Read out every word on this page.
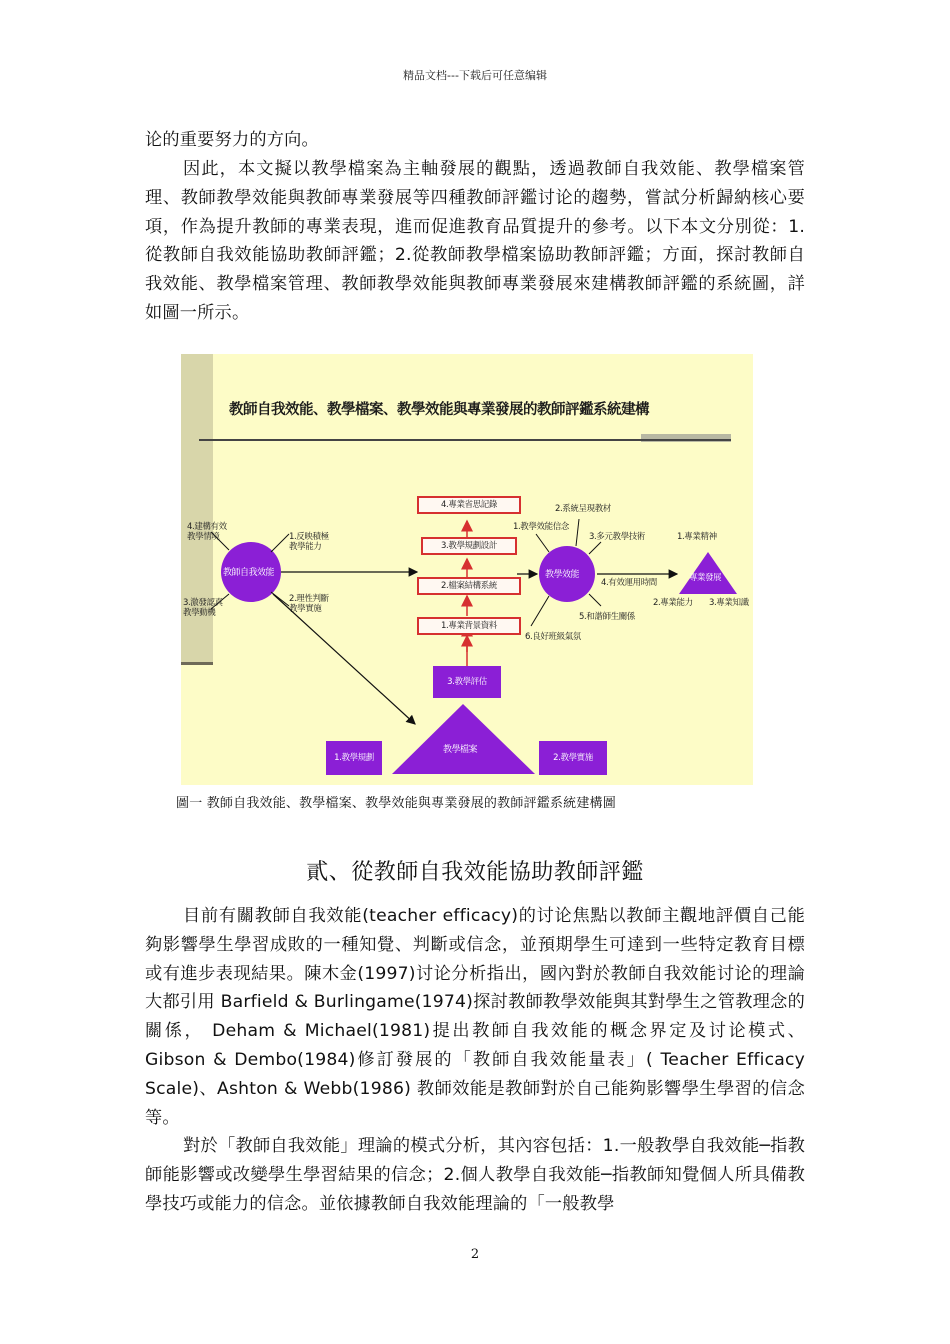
精品文档---下载后可任意编辑

论的重要努力的方向。

因此，本文擬以教學檔案為主軸發展的觀點，透過教師自我效能、教學檔案管理、教師教學效能與教師專業發展等四種教師評鑑讨论的趨勢，嘗試分析歸納核心要項，作為提升教師的專業表現，進而促進教育品質提升的參考。以下本文分別從：1.從教師自我效能協助教師評鑑；2.從教師教學檔案協助教師評鑑；方面，探討教師自我效能、教學檔案管理、教師教學效能與教師專業發展來建構教師評鑑的系統圖，詳如圖一所示。

教師自我效能、教學檔案、教學效能與專業發展的教師評鑑系統建構
教師自我效能	教學效能	專業發展
教學檔案
4.建構有效
教學情境
3.激發認真
教學動機
1.反映積極
教學能力
2.理性判斷
教學實施
4.專業省思記錄
3.教學規劃設計
2.檔案結構系統
1.專業背景資料
1.教學效能信念
2.系統呈現教材
3.多元教學技術
4.有效運用時間
5.和諧師生關係
6.良好班級氣氛
1.專業精神
2.專業能力 3.專業知識
3.教學評估
1.教學規劃	2.教學實施
圖一 教師自我效能、教學檔案、教學效能與專業發展的教師評鑑系統建構圖
貳、從教師自我效能協助教師評鑑

目前有關教師自我效能(teacher efficacy)的讨论焦點以教師主觀地評價自己能夠影響學生學習成敗的一種知覺、判斷或信念，並預期學生可達到一些特定教育目標或有進步表现結果。陳木金(1997)讨论分析指出，國內對於教師自我效能讨论的理論大都引用 Barfield & Burlingame(1974)探討教師教學效能與其對學生之管教理念的關係， Deham & Michael(1981)提出教師自我效能的概念界定及讨论模式、Gibson & Dembo(1984)修訂發展的「教師自我效能量表」( Teacher Efficacy Scale)、Ashton & Webb(1986) 教師效能是教師對於自己能夠影響學生學習的信念等。

對於「教師自我效能」理論的模式分析，其內容包括：1.一般教學自我效能─指教師能影響或改變學生學習結果的信念；2.個人教學自我效能─指教師知覺個人所具備教學技巧或能力的信念。並依據教師自我效能理論的「一般教學

2
